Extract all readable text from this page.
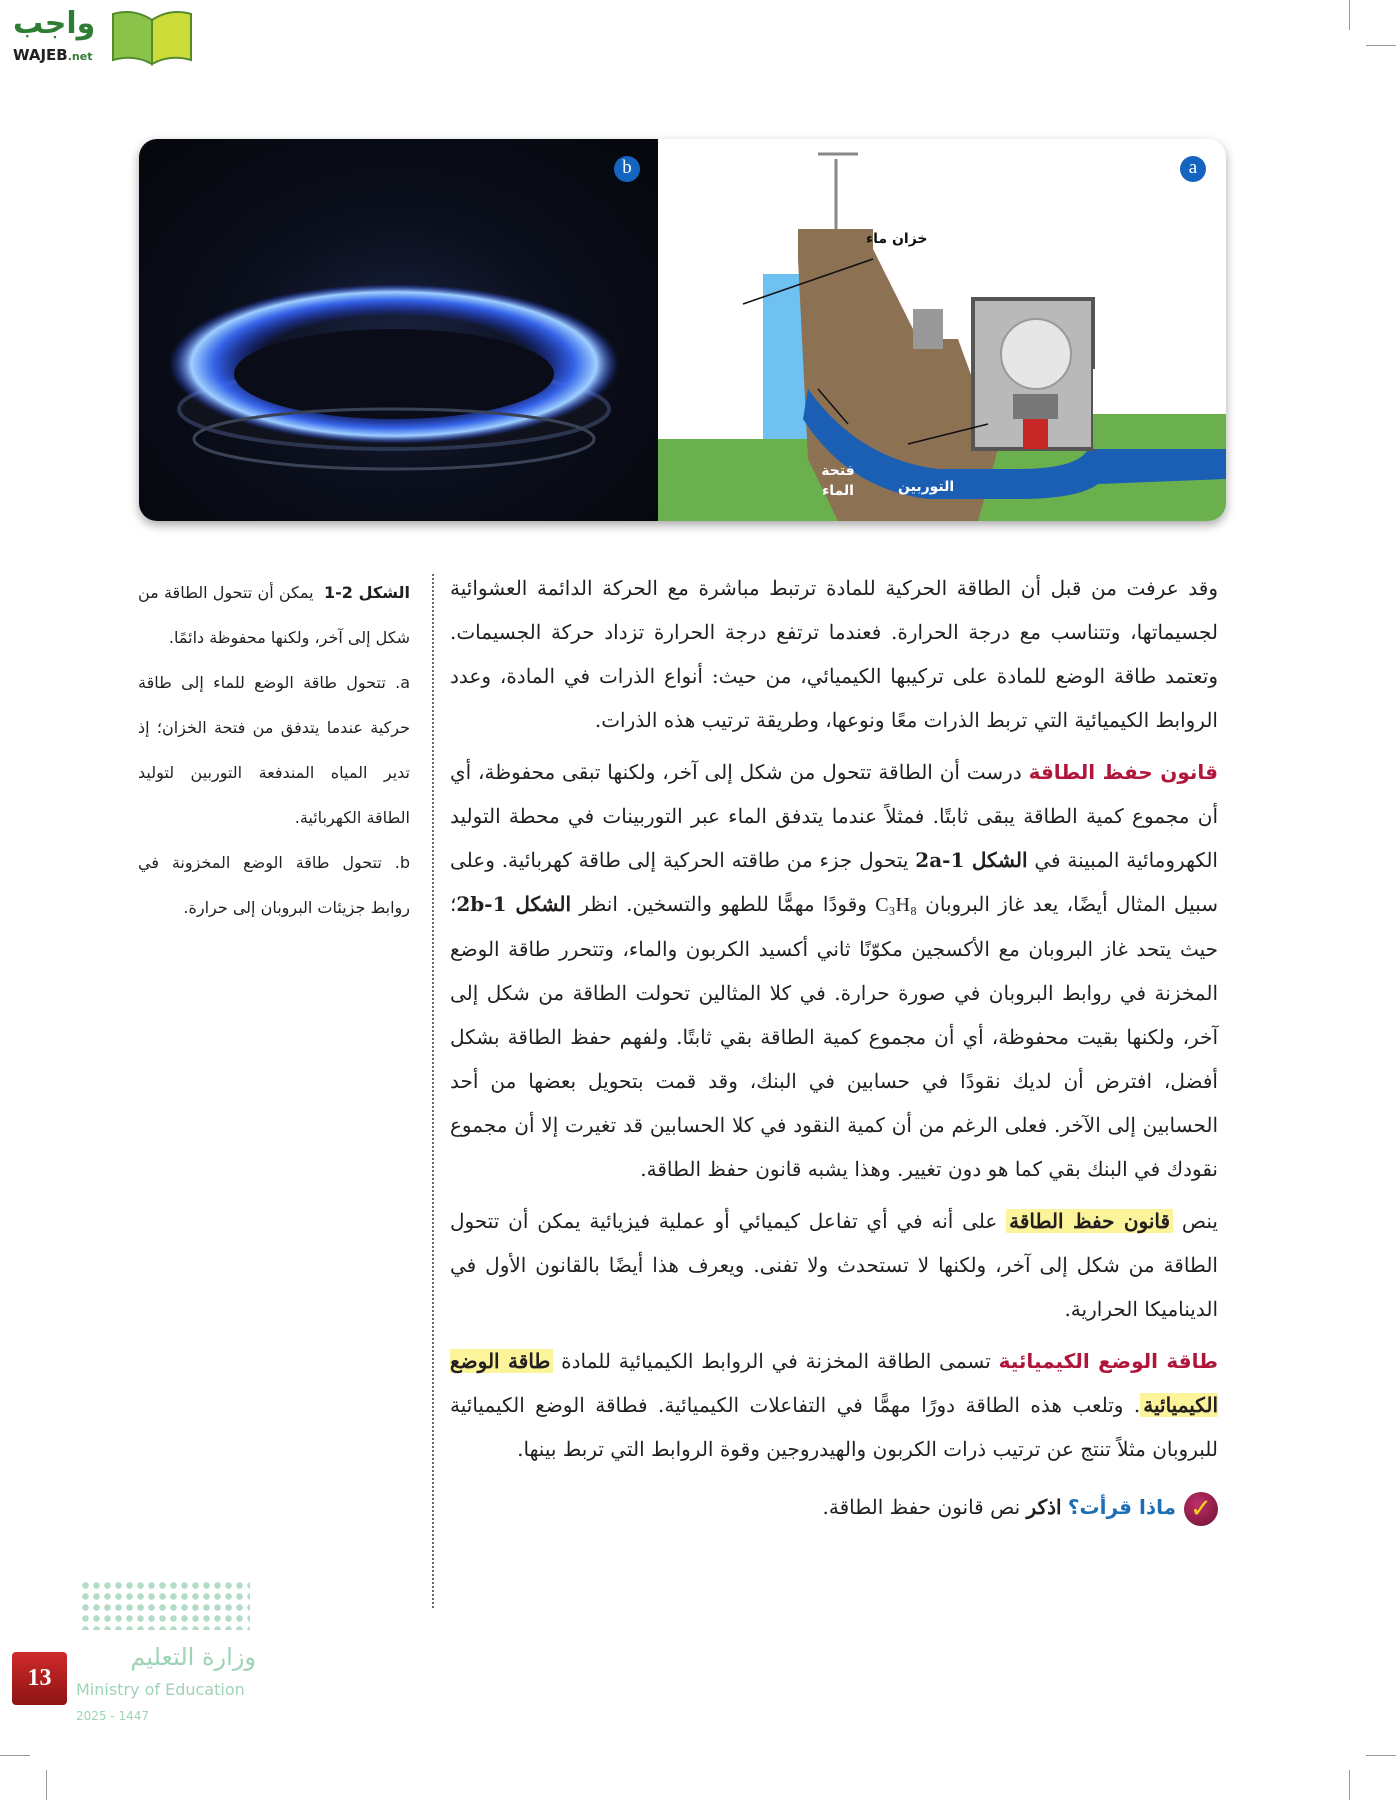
واجب
WAJEB.net
b
خزان ماء
فتحة الماء	التوربين
a

الشكل 2-1  يمكن أن تتحول الطاقة من شكل إلى آخر، ولكنها محفوظة دائمًا.

a. تتحول طاقة الوضع للماء إلى طاقة حركية عندما يتدفق من فتحة الخزان؛ إذ تدير المياه المندفعة التوربين لتوليد الطاقة الكهربائية.

b. تتحول طاقة الوضع المخزونة في روابط جزيئات البروبان إلى حرارة.

وقد عرفت من قبل أن الطاقة الحركية للمادة ترتبط مباشرة مع الحركة الدائمة العشوائية لجسيماتها، وتتناسب مع درجة الحرارة. فعندما ترتفع درجة الحرارة تزداد حركة الجسيمات. وتعتمد طاقة الوضع للمادة على تركيبها الكيميائي، من حيث: أنواع الذرات في المادة، وعدد الروابط الكيميائية التي تربط الذرات معًا ونوعها، وطريقة ترتيب هذه الذرات.

قانون حفظ الطاقة درست أن الطاقة تتحول من شكل إلى آخر، ولكنها تبقى محفوظة، أي أن مجموع كمية الطاقة يبقى ثابتًا. فمثلاً عندما يتدفق الماء عبر التوربينات في محطة التوليد الكهرومائية المبينة في الشكل 1-2a يتحول جزء من طاقته الحركية إلى طاقة كهربائية. وعلى سبيل المثال أيضًا، يعد غاز البروبان C₃H₈ وقودًا مهمًّا للطهو والتسخين. انظر الشكل 1-2b؛ حيث يتحد غاز البروبان مع الأكسجين مكوّنًا ثاني أكسيد الكربون والماء، وتتحرر طاقة الوضع المخزنة في روابط البروبان في صورة حرارة. في كلا المثالين تحولت الطاقة من شكل إلى آخر، ولكنها بقيت محفوظة، أي أن مجموع كمية الطاقة بقي ثابتًا. ولفهم حفظ الطاقة بشكل أفضل، افترض أن لديك نقودًا في حسابين في البنك، وقد قمت بتحويل بعضها من أحد الحسابين إلى الآخر. فعلى الرغم من أن كمية النقود في كلا الحسابين قد تغيرت إلا أن مجموع نقودك في البنك بقي كما هو دون تغيير. وهذا يشبه قانون حفظ الطاقة.

ينص قانون حفظ الطاقة على أنه في أي تفاعل كيميائي أو عملية فيزيائية يمكن أن تتحول الطاقة من شكل إلى آخر، ولكنها لا تستحدث ولا تفنى. ويعرف هذا أيضًا بالقانون الأول في الديناميكا الحرارية.

طاقة الوضع الكيميائية تسمى الطاقة المخزنة في الروابط الكيميائية للمادة طاقة الوضع الكيميائية. وتلعب هذه الطاقة دورًا مهمًّا في التفاعلات الكيميائية. فطاقة الوضع الكيميائية للبروبان مثلاً تنتج عن ترتيب ذرات الكربون والهيدروجين وقوة الروابط التي تربط بينها.

✓ماذا قرأت؟ اذكر نص قانون حفظ الطاقة.

وزارة التعليم
Ministry of Education
2025 - 1447
13
